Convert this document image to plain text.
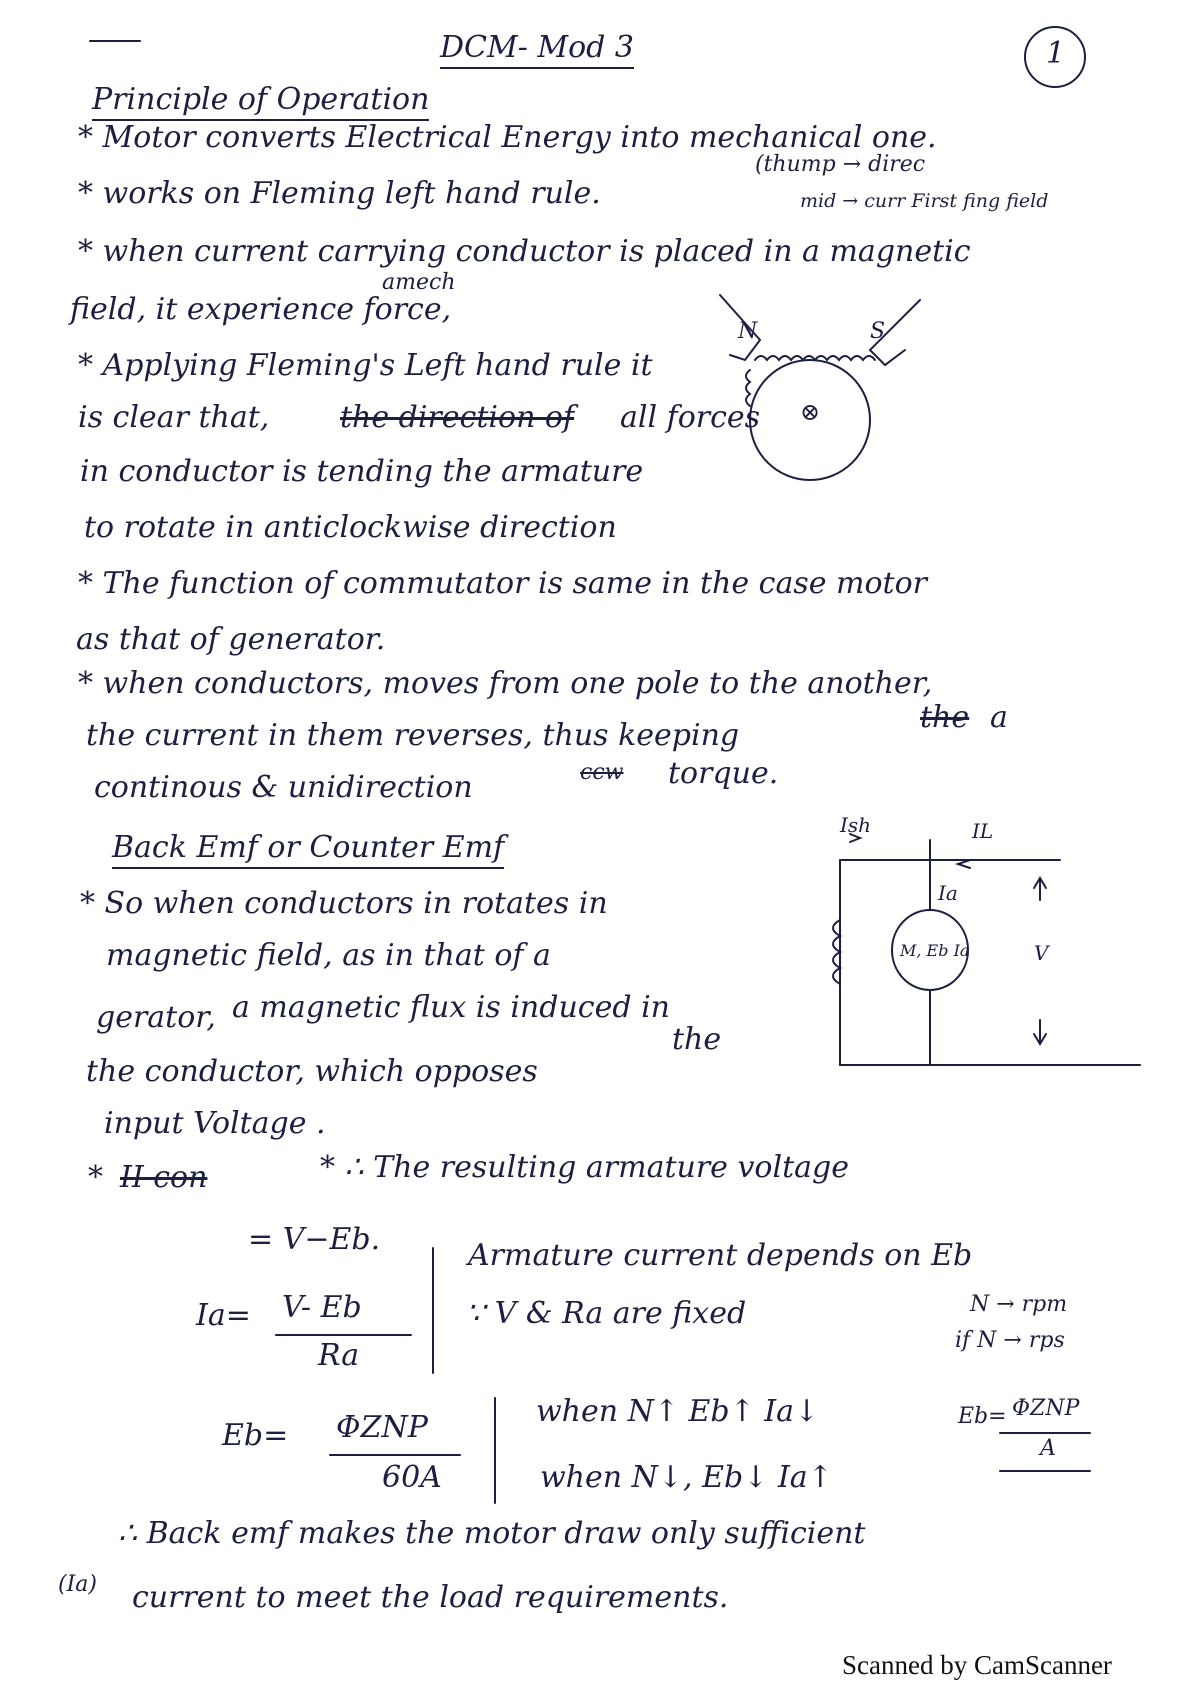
DCM- Mod 3	1
Principle of Operation
* Motor converts Electrical Energy into mechanical one.
* works on Fleming left hand rule.
(thump → direc
mid → curr First fing field
* when current carrying conductor is placed in a magnetic
amech
field, it experience force,
* Applying Fleming's Left hand rule it
is clear that, the direction of all forces
in conductor is tending the armature
to rotate in anticlockwise direction
N	S
⊗
* The function of commutator is same in the case motor
as that of generator.
* when conductors, moves from one pole to the another,
the current in them reverses, thus keeping
the a
continous & unidirection	ccw torque.
Back Emf or Counter Emf
* So when conductors in rotates in
magnetic field, as in that of a
gerator, a magnetic flux is induced in
the conductor, which opposes
the
input Voltage .
Ish	IL
Ia
V
M, Eb Ia
* II con	* ∴ The resulting armature voltage
= V−Eb.
Ia= V- Eb
Ra
Armature current depends on Eb
∵ V & Ra are fixed	N → rpm
if N → rps
Eb= ΦZNP
60A
when N↑ Eb↑ Ia↓
when N↓, Eb↓ Ia↑
Eb= ΦZNP
A
∴ Back emf makes the motor draw only sufficient
(Ia) current to meet the load requirements.
Scanned by CamScanner
